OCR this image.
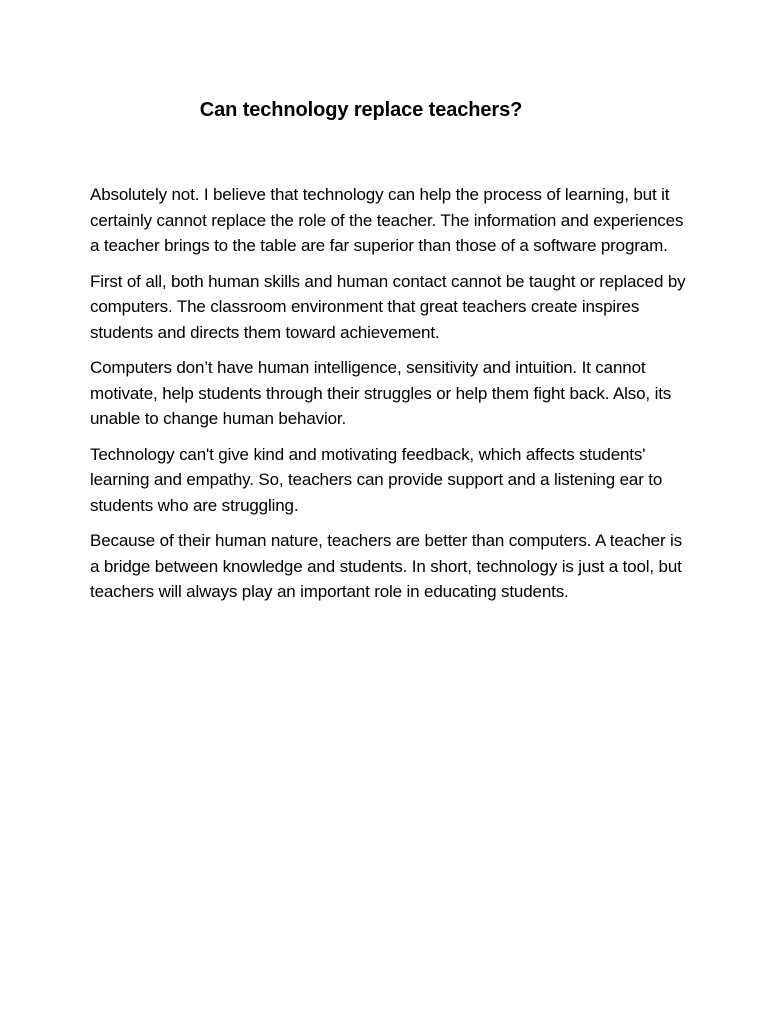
Can technology replace teachers?

Absolutely not. I believe that technology can help the process of learning, but it certainly cannot replace the role of the teacher. The information and experiences a teacher brings to the table are far superior than those of a software program.

First of all, both human skills and human contact cannot be taught or replaced by computers. The classroom environment that great teachers create inspires students and directs them toward achievement.

Computers don’t have human intelligence, sensitivity and intuition. It cannot motivate, help students through their struggles or help them fight back. Also, its unable to change human behavior.

Technology can't give kind and motivating feedback, which affects students' learning and empathy. So, teachers can provide support and a listening ear to students who are struggling.

Because of their human nature, teachers are better than computers. A teacher is a bridge between knowledge and students. In short, technology is just a tool, but teachers will always play an important role in educating students.
